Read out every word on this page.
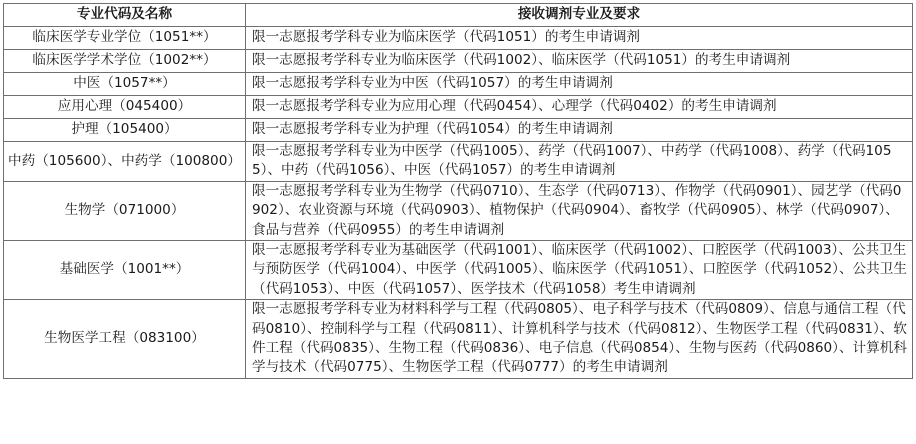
专业代码及名称	接收调剂专业及要求
临床医学专业学位（1051**）	限一志愿报考学科专业为临床医学（代码1051）的考生申请调剂
临床医学学术学位（1002**）	限一志愿报考学科专业为临床医学（代码1002）、临床医学（代码1051）的考生申请调剂
中医（1057**）	限一志愿报考学科专业为中医（代码1057）的考生申请调剂
应用心理（045400）	限一志愿报考学科专业为应用心理（代码0454）、心理学（代码0402）的考生申请调剂
护理（105400）	限一志愿报考学科专业为护理（代码1054）的考生申请调剂
中药（105600）、中药学（100800）	限一志愿报考学科专业为中医学（代码1005）、药学（代码1007）、中药学（代码1008）、药学（代码1055）、中药（代码1056）、中医（代码1057）的考生申请调剂
生物学（071000）	限一志愿报考学科专业为生物学（代码0710）、生态学（代码0713）、作物学（代码0901）、园艺学（代码0902）、农业资源与环境（代码0903）、植物保护（代码0904）、畜牧学（代码0905）、林学（代码0907）、食品与营养（代码0955）的考生申请调剂
基础医学（1001**）	限一志愿报考学科专业为基础医学（代码1001）、临床医学（代码1002）、口腔医学（代码1003）、公共卫生与预防医学（代码1004）、中医学（代码1005）、临床医学（代码1051）、口腔医学（代码1052）、公共卫生（代码1053）、中医（代码1057）、医学技术（代码1058）考生申请调剂
生物医学工程（083100）	限一志愿报考学科专业为材料科学与工程（代码0805）、电子科学与技术（代码0809）、信息与通信工程（代码0810）、控制科学与工程（代码0811）、计算机科学与技术（代码0812）、生物医学工程（代码0831）、软件工程（代码0835）、生物工程（代码0836）、电子信息（代码0854）、生物与医药（代码0860）、计算机科学与技术（代码0775）、生物医学工程（代码0777）的考生申请调剂
